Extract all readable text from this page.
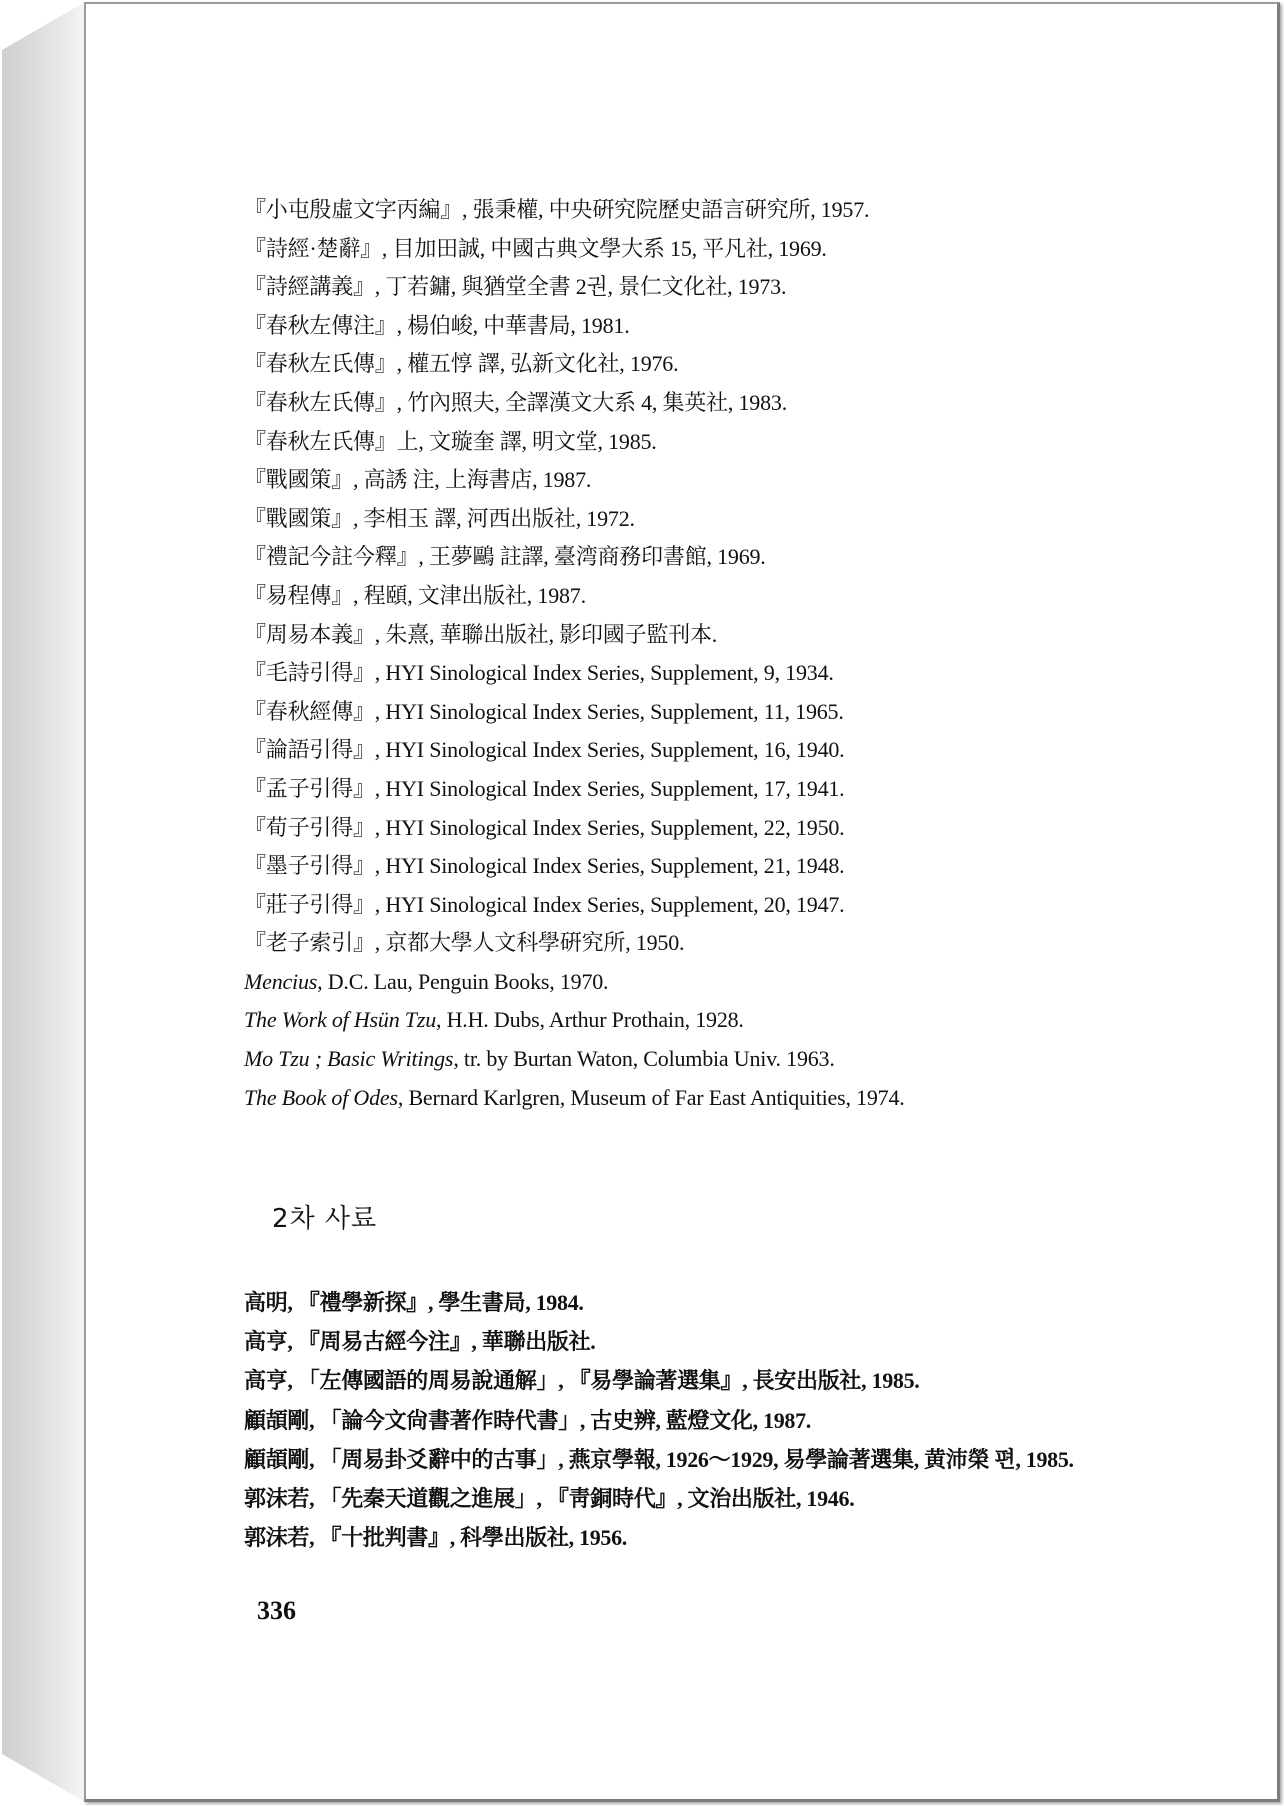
『小屯殷虛文字丙編』, 張秉權, 中央硏究院歷史語言硏究所, 1957.
『詩經·楚辭』, 目加田誠, 中國古典文學大系 15, 平凡社, 1969.
『詩經講義』, 丁若鏞, 與猶堂全書 2권, 景仁文化社, 1973.
『春秋左傳注』, 楊伯峻, 中華書局, 1981.
『春秋左氏傳』, 權五惇 譯, 弘新文化社, 1976.
『春秋左氏傳』, 竹內照夫, 全譯漢文大系 4, 集英社, 1983.
『春秋左氏傳』上, 文璇奎 譯, 明文堂, 1985.
『戰國策』, 高誘 注, 上海書店, 1987.
『戰國策』, 李相玉 譯, 河西出版社, 1972.
『禮記今註今釋』, 王夢鷗 註譯, 臺湾商務印書館, 1969.
『易程傳』, 程頤, 文津出版社, 1987.
『周易本義』, 朱熹, 華聯出版社, 影印國子監刊本.
『毛詩引得』, HYI Sinological Index Series, Supplement, 9, 1934.
『春秋經傳』, HYI Sinological Index Series, Supplement, 11, 1965.
『論語引得』, HYI Sinological Index Series, Supplement, 16, 1940.
『孟子引得』, HYI Sinological Index Series, Supplement, 17, 1941.
『荀子引得』, HYI Sinological Index Series, Supplement, 22, 1950.
『墨子引得』, HYI Sinological Index Series, Supplement, 21, 1948.
『莊子引得』, HYI Sinological Index Series, Supplement, 20, 1947.
『老子索引』, 京都大學人文科學硏究所, 1950.
Mencius, D.C. Lau, Penguin Books, 1970.
The Work of Hsün Tzu, H.H. Dubs, Arthur Prothain, 1928.
Mo Tzu ; Basic Writings, tr. by Burtan Waton, Columbia Univ. 1963.
The Book of Odes, Bernard Karlgren, Museum of Far East Antiquities, 1974.
2차 사료
高明, 『禮學新探』, 學生書局, 1984.
高亨, 『周易古經今注』, 華聯出版社.
高亨, 「左傳國語的周易說通解」, 『易學論著選集』, 長安出版社, 1985.
顧頡剛, 「論今文尙書著作時代書」, 古史辨, 藍燈文化, 1987.
顧頡剛, 「周易卦爻辭中的古事」, 燕京學報, 1926～1929, 易學論著選集, 黄沛榮 편, 1985.
郭沫若, 「先秦天道觀之進展」, 『靑銅時代』, 文治出版社, 1946.
郭沫若, 『十批判書』, 科學出版社, 1956.
336
